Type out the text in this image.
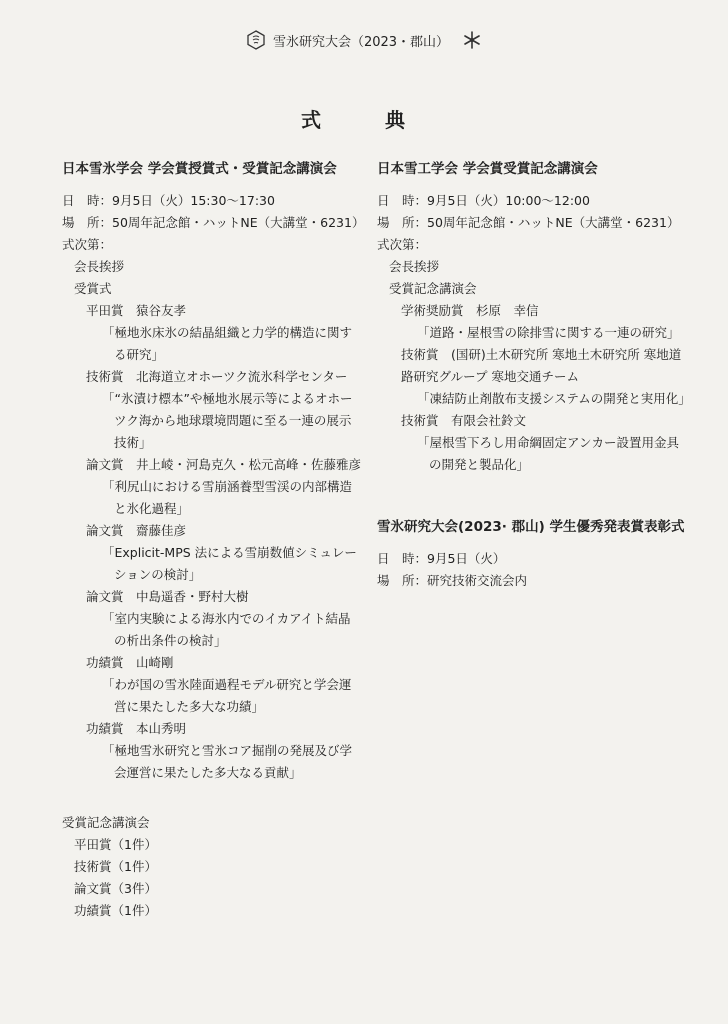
雪氷研究大会（2023・郡山）
式　典
日本雪氷学会 学会賞授賞式・受賞記念講演会
日　時：9月5日（火）15:30〜17:30
場　所：50周年記念館・ハットNE（大講堂・6231）
式次第：
会長挨拶
受賞式
平田賞　猿谷友孝
「極地氷床氷の結晶組織と力学的構造に関する研究」
技術賞　北海道立オホーツク流氷科学センター
「“氷漬け標本”や極地氷展示等によるオホーツク海から地球環境問題に至る一連の展示技術」
論文賞　井上崚・河島克久・松元高峰・佐藤雅彦
「利尻山における雪崩涵養型雪渓の内部構造と氷化過程」
論文賞　齋藤佳彦
「Explicit-MPS 法による雪崩数値シミュレーションの検討」
論文賞　中島遥香・野村大樹
「室内実験による海氷内でのイカアイト結晶の析出条件の検討」
功績賞　山崎剛
「わが国の雪氷陸面過程モデル研究と学会運営に果たした多大な功績」
功績賞　本山秀明
「極地雪氷研究と雪氷コア掘削の発展及び学会運営に果たした多大なる貢献」
受賞記念講演会
平田賞（1件）
技術賞（1件）
論文賞（3件）
功績賞（1件）
日本雪工学会 学会賞受賞記念講演会
日　時：9月5日（火）10:00〜12:00
場　所：50周年記念館・ハットNE（大講堂・6231）
式次第：
会長挨拶
受賞記念講演会
学術奨励賞　杉原　幸信
「道路・屋根雪の除排雪に関する一連の研究」
技術賞　(国研)土木研究所 寒地土木研究所 寒地道路研究グループ 寒地交通チーム
「凍結防止剤散布支援システムの開発と実用化」
技術賞　有限会社鈴文
「屋根雪下ろし用命綱固定アンカー設置用金具の開発と製品化」
雪氷研究大会(2023· 郡山) 学生優秀発表賞表彰式
日　時：9月5日（火）
場　所：研究技術交流会内
